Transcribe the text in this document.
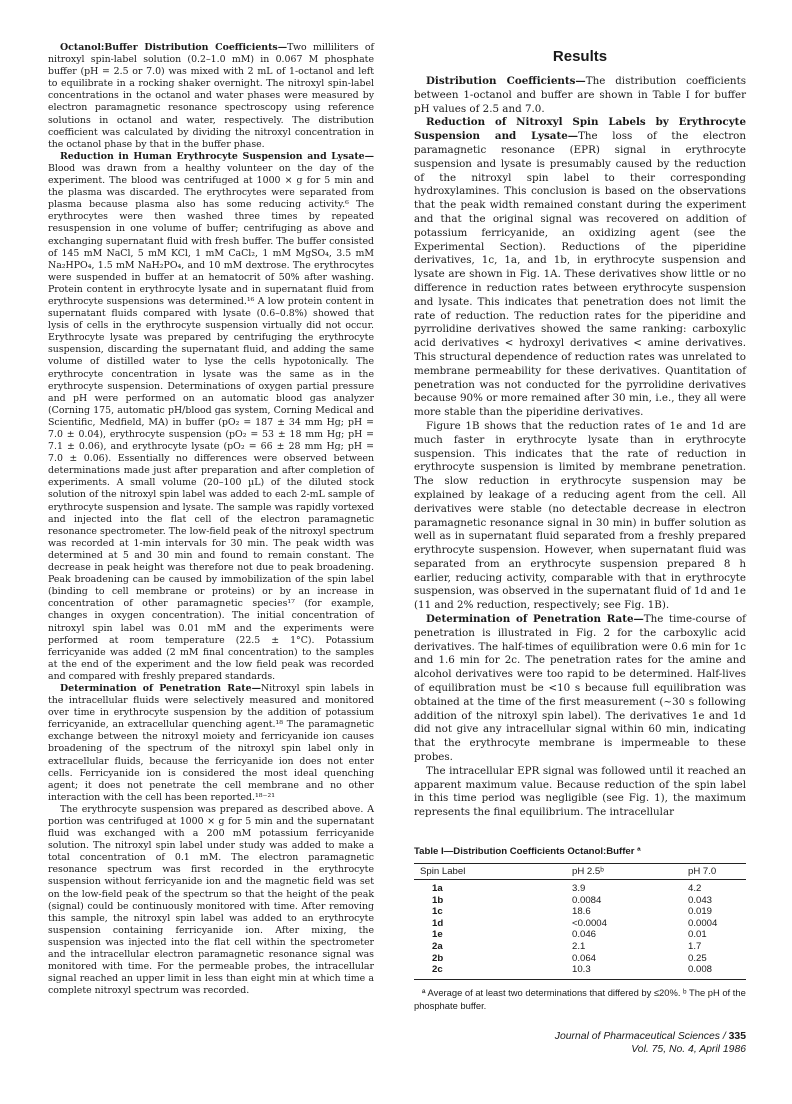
Octanol:Buffer Distribution Coefficients—Two milliliters of nitroxyl spin-label solution (0.2–1.0 mM) in 0.067 M phosphate buffer (pH = 2.5 or 7.0) was mixed with 2 mL of 1-octanol and left to equilibrate in a rocking shaker overnight. The nitroxyl spin-label concentrations in the octanol and water phases were measured by electron paramagnetic resonance spectroscopy using reference solutions in octanol and water, respectively. The distribution coefficient was calculated by dividing the nitroxyl concentration in the octanol phase by that in the buffer phase.

Reduction in Human Erythrocyte Suspension and Lysate—Blood was drawn from a healthy volunteer on the day of the experiment. The blood was centrifuged at 1000 × g for 5 min and the plasma was discarded. The erythrocytes were separated from plasma because plasma also has some reducing activity.⁶ The erythrocytes were then washed three times by repeated resuspension in one volume of buffer; centrifuging as above and exchanging supernatant fluid with fresh buffer. The buffer consisted of 145 mM NaCl, 5 mM KCl, 1 mM CaCl₂, 1 mM MgSO₄, 3.5 mM Na₂HPO₄, 1.5 mM NaH₂PO₄, and 10 mM dextrose. The erythrocytes were suspended in buffer at an hematocrit of 50% after washing. Protein content in erythrocyte lysate and in supernatant fluid from erythrocyte suspensions was determined.¹⁶ A low protein content in supernatant fluids compared with lysate (0.6–0.8%) showed that lysis of cells in the erythrocyte suspension virtually did not occur. Erythrocyte lysate was prepared by centrifuging the erythrocyte suspension, discarding the supernatant fluid, and adding the same volume of distilled water to lyse the cells hypotonically. The erythrocyte concentration in lysate was the same as in the erythrocyte suspension. Determinations of oxygen partial pressure and pH were performed on an automatic blood gas analyzer (Corning 175, automatic pH/blood gas system, Corning Medical and Scientific, Medfield, MA) in buffer (pO₂ = 187 ± 34 mm Hg; pH = 7.0 ± 0.04), erythrocyte suspension (pO₂ = 53 ± 18 mm Hg; pH = 7.1 ± 0.06), and erythrocyte lysate (pO₂ = 66 ± 28 mm Hg; pH = 7.0 ± 0.06). Essentially no differences were observed between determinations made just after preparation and after completion of experiments. A small volume (20–100 µL) of the diluted stock solution of the nitroxyl spin label was added to each 2-mL sample of erythrocyte suspension and lysate. The sample was rapidly vortexed and injected into the flat cell of the electron paramagnetic resonance spectrometer. The low-field peak of the nitroxyl spectrum was recorded at 1-min intervals for 30 min. The peak width was determined at 5 and 30 min and found to remain constant. The decrease in peak height was therefore not due to peak broadening. Peak broadening can be caused by immobilization of the spin label (binding to cell membrane or proteins) or by an increase in concentration of other paramagnetic species¹⁷ (for example, changes in oxygen concentration). The initial concentration of nitroxyl spin label was 0.01 mM and the experiments were performed at room temperature (22.5 ± 1°C). Potassium ferricyanide was added (2 mM final concentration) to the samples at the end of the experiment and the low field peak was recorded and compared with freshly prepared standards.

Determination of Penetration Rate—Nitroxyl spin labels in the intracellular fluids were selectively measured and monitored over time in erythrocyte suspension by the addition of potassium ferricyanide, an extracellular quenching agent.¹⁸ The paramagnetic exchange between the nitroxyl moiety and ferricyanide ion causes broadening of the spectrum of the nitroxyl spin label only in extracellular fluids, because the ferricyanide ion does not enter cells. Ferricyanide ion is considered the most ideal quenching agent; it does not penetrate the cell membrane and no other interaction with the cell has been reported.¹⁸⁻²¹

The erythrocyte suspension was prepared as described above. A portion was centrifuged at 1000 × g for 5 min and the supernatant fluid was exchanged with a 200 mM potassium ferricyanide solution. The nitroxyl spin label under study was added to make a total concentration of 0.1 mM. The electron paramagnetic resonance spectrum was first recorded in the erythrocyte suspension without ferricyanide ion and the magnetic field was set on the low-field peak of the spectrum so that the height of the peak (signal) could be continuously monitored with time. After removing this sample, the nitroxyl spin label was added to an erythrocyte suspension containing ferricyanide ion. After mixing, the suspension was injected into the flat cell within the spectrometer and the intracellular electron paramagnetic resonance signal was monitored with time. For the permeable probes, the intracellular signal reached an upper limit in less than eight min at which time a complete nitroxyl spectrum was recorded.

Results

Distribution Coefficients—The distribution coefficients between 1-octanol and buffer are shown in Table I for buffer pH values of 2.5 and 7.0.

Reduction of Nitroxyl Spin Labels by Erythrocyte Suspension and Lysate—The loss of the electron paramagnetic resonance (EPR) signal in erythrocyte suspension and lysate is presumably caused by the reduction of the nitroxyl spin label to their corresponding hydroxylamines. This conclusion is based on the observations that the peak width remained constant during the experiment and that the original signal was recovered on addition of potassium ferricyanide, an oxidizing agent (see the Experimental Section). Reductions of the piperidine derivatives, 1c, 1a, and 1b, in erythrocyte suspension and lysate are shown in Fig. 1A. These derivatives show little or no difference in reduction rates between erythrocyte suspension and lysate. This indicates that penetration does not limit the rate of reduction. The reduction rates for the piperidine and pyrrolidine derivatives showed the same ranking: carboxylic acid derivatives < hydroxyl derivatives < amine derivatives. This structural dependence of reduction rates was unrelated to membrane permeability for these derivatives. Quantitation of penetration was not conducted for the pyrrolidine derivatives because 90% or more remained after 30 min, i.e., they all were more stable than the piperidine derivatives.

Figure 1B shows that the reduction rates of 1e and 1d are much faster in erythrocyte lysate than in erythrocyte suspension. This indicates that the rate of reduction in erythrocyte suspension is limited by membrane penetration. The slow reduction in erythrocyte suspension may be explained by leakage of a reducing agent from the cell. All derivatives were stable (no detectable decrease in electron paramagnetic resonance signal in 30 min) in buffer solution as well as in supernatant fluid separated from a freshly prepared erythrocyte suspension. However, when supernatant fluid was separated from an erythrocyte suspension prepared 8 h earlier, reducing activity, comparable with that in erythrocyte suspension, was observed in the supernatant fluid of 1d and 1e (11 and 2% reduction, respectively; see Fig. 1B).

Determination of Penetration Rate—The time-course of penetration is illustrated in Fig. 2 for the carboxylic acid derivatives. The half-times of equilibration were 0.6 min for 1c and 1.6 min for 2c. The penetration rates for the amine and alcohol derivatives were too rapid to be determined. Half-lives of equilibration must be <10 s because full equilibration was obtained at the time of the first measurement (~30 s following addition of the nitroxyl spin label). The derivatives 1e and 1d did not give any intracellular signal within 60 min, indicating that the erythrocyte membrane is impermeable to these probes.

The intracellular EPR signal was followed until it reached an apparent maximum value. Because reduction of the spin label in this time period was negligible (see Fig. 1), the maximum represents the final equilibrium. The intracellular

Table I—Distribution Coefficients Octanol:Buffer ª
Spin Label	pH 2.5ᵇ	pH 7.0
1a	3.9	4.2
1b	0.0084	0.043
1c	18.6	0.019
1d	<0.0004	0.0004
1e	0.046	0.01
2a	2.1	1.7
2b	0.064	0.25
2c	10.3	0.008
ª Average of at least two determinations that differed by ≤20%. ᵇ The pH of the phosphate buffer.
Journal of Pharmaceutical Sciences / 335
Vol. 75, No. 4, April 1986
